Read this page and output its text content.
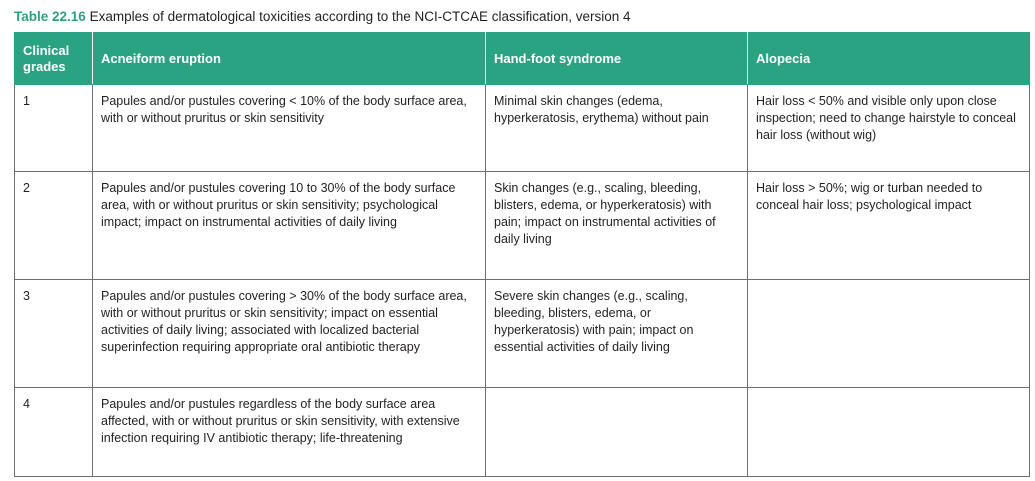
Table 22.16 Examples of dermatological toxicities according to the NCI-CTCAE classification, version 4
Clinical grades	Acneiform eruption	Hand-foot syndrome	Alopecia
1	Papules and/or pustules covering < 10% of the body surface area, with or without pruritus or skin sensitivity	Minimal skin changes (edema, hyperkeratosis, erythema) without pain	Hair loss < 50% and visible only upon close inspection; need to change hairstyle to conceal hair loss (without wig)
2	Papules and/or pustules covering 10 to 30% of the body surface area, with or without pruritus or skin sensitivity; psychological impact; impact on instrumental activities of daily living	Skin changes (e.g., scaling, bleeding, blisters, edema, or hyperkeratosis) with pain; impact on instrumental activities of daily living	Hair loss > 50%; wig or turban needed to conceal hair loss; psychological impact
3	Papules and/or pustules covering > 30% of the body surface area, with or without pruritus or skin sensitivity; impact on essential activities of daily living; associated with localized bacterial superinfection requiring appropriate oral antibiotic therapy	Severe skin changes (e.g., scaling, bleeding, blisters, edema, or hyperkeratosis) with pain; impact on essential activities of daily living	
4	Papules and/or pustules regardless of the body surface area affected, with or without pruritus or skin sensitivity, with extensive infection requiring IV antibiotic therapy; life-threatening		
